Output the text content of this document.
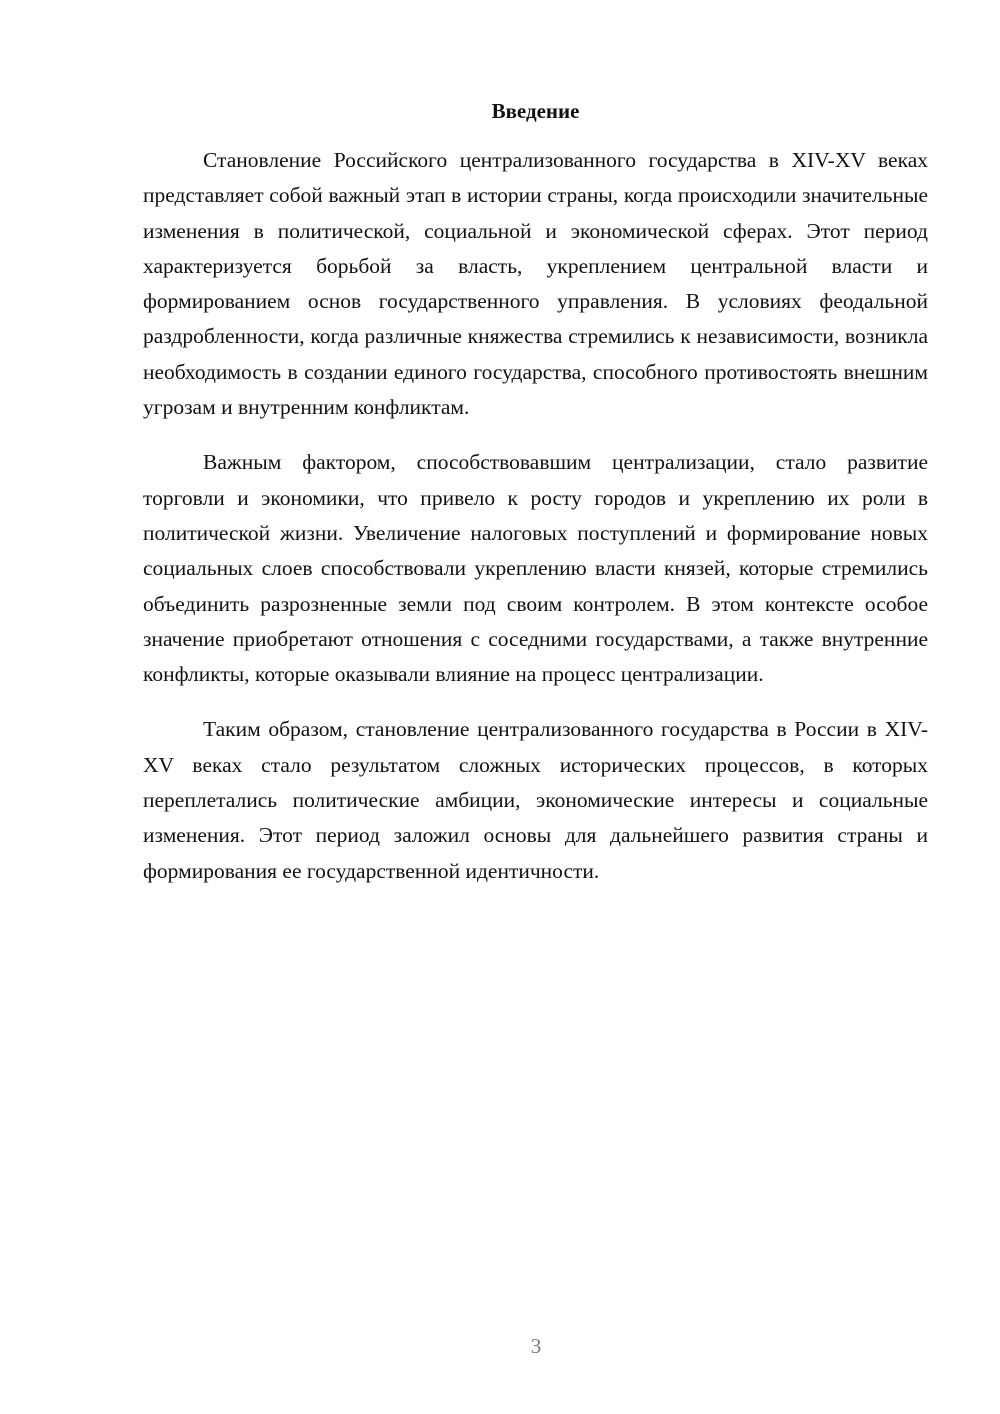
Введение

Становление Российского централизованного государства в XIV-XV веках представляет собой важный этап в истории страны, когда происходили значительные изменения в политической, социальной и экономической сферах. Этот период характеризуется борьбой за власть, укреплением центральной власти и формированием основ государственного управления. В условиях феодальной раздробленности, когда различные княжества стремились к независимости, возникла необходимость в создании единого государства, способного противостоять внешним угрозам и внутренним конфликтам.

Важным фактором, способствовавшим централизации, стало развитие торговли и экономики, что привело к росту городов и укреплению их роли в политической жизни. Увеличение налоговых поступлений и формирование новых социальных слоев способствовали укреплению власти князей, которые стремились объединить разрозненные земли под своим контролем. В этом контексте особое значение приобретают отношения с соседними государствами, а также внутренние конфликты, которые оказывали влияние на процесс централизации.

Таким образом, становление централизованного государства в России в XIV-XV веках стало результатом сложных исторических процессов, в которых переплетались политические амбиции, экономические интересы и социальные изменения. Этот период заложил основы для дальнейшего развития страны и формирования ее государственной идентичности.

3
